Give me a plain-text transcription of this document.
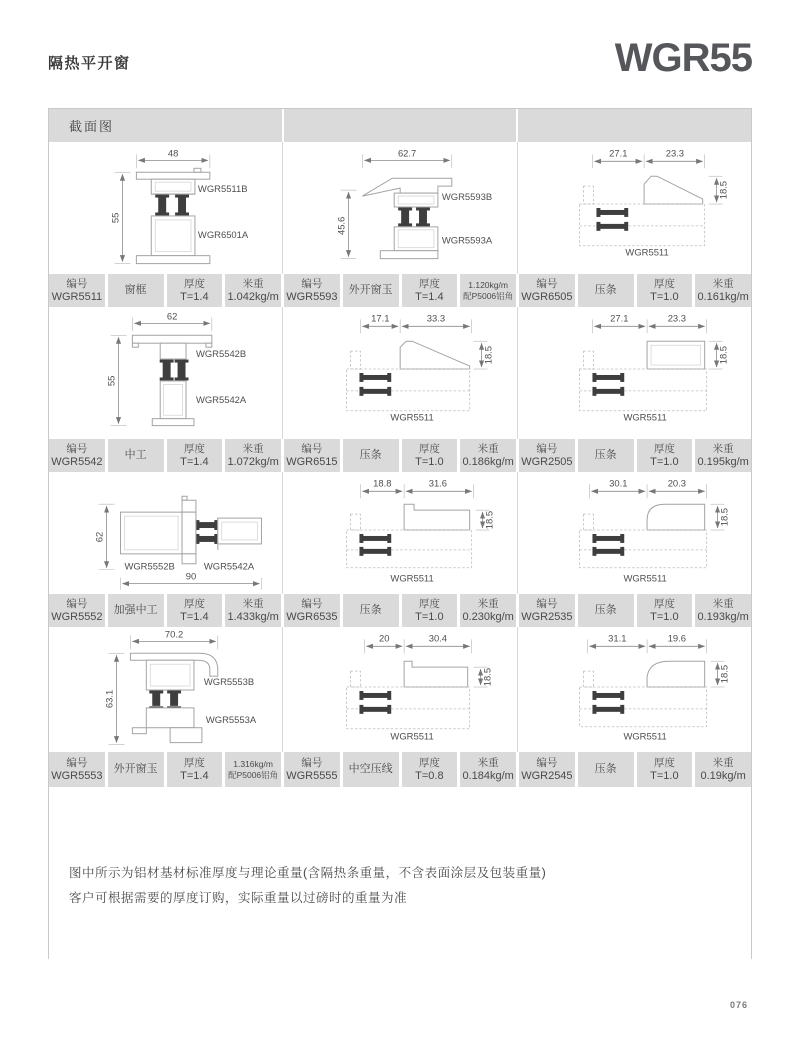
隔热平开窗	WGR55
截面图
48
55
WGR5511B
WGR6501A
62.7
45.6
WGR5593B
WGR5593A
27.1	23.3
18.5
WGR5511
编号
WGR5511
窗框
厚度
T=1.4
米重
1.042kg/m
编号
WGR5593
外开窗玉
厚度
T=1.4
1.120kg/m
配P5006铝角
编号
WGR6505
压条
厚度
T=1.0
米重
0.161kg/m
62
55
WGR5542B
WGR5542A
17.1	33.3
18.5
WGR5511
27.1	23.3
18.5
WGR5511
编号
WGR5542
中工
厚度
T=1.4
米重
1.072kg/m
编号
WGR6515
压条
厚度
T=1.0
米重
0.186kg/m
编号
WGR2505
压条
厚度
T=1.0
米重
0.195kg/m
62
90
WGR5552B	WGR5542A
18.8	31.6
18.5
WGR5511
30.1	20.3
18.5
WGR5511
编号
WGR5552
加强中工
厚度
T=1.4
米重
1.433kg/m
编号
WGR6535
压条
厚度
T=1.0
米重
0.230kg/m
编号
WGR2535
压条
厚度
T=1.0
米重
0.193kg/m
70.2
63.1
WGR5553B
WGR5553A
20	30.4
18.5
WGR5511
31.1	19.6
18.5
WGR5511
编号
WGR5553
外开窗玉
厚度
T=1.4
1.316kg/m
配P5006铝角
编号
WGR5555
中空压线
厚度
T=0.8
米重
0.184kg/m
编号
WGR2545
压条
厚度
T=1.0
米重
0.19kg/m
图中所示为铝材基材标准厚度与理论重量(含隔热条重量，不含表面涂层及包装重量)
客户可根据需要的厚度订购，实际重量以过磅时的重量为准
076
